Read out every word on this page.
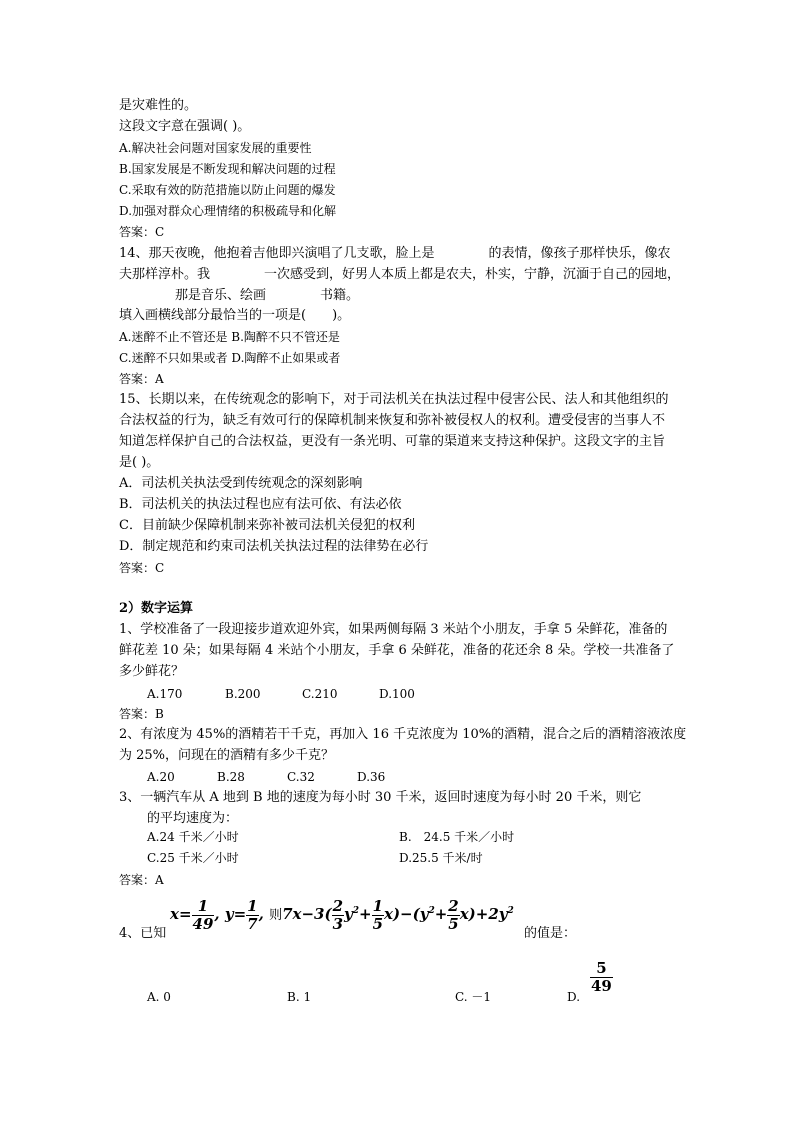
是灾难性的。
这段文字意在强调( )。
A.解决社会问题对国家发展的重要性
B.国家发展是不断发现和解决问题的过程
C.采取有效的防范措施以防止问题的爆发
D.加强对群众心理情绪的积极疏导和化解
答案：C
14、那天夜晚，他抱着吉他即兴演唱了几支歌，脸上是	的表情，像孩子那样快乐，像农
夫那样淳朴。我	一次感受到，好男人本质上都是农夫，朴实，宁静，沉湎于自己的园地，
那是音乐、绘画	书籍。
填入画横线部分最恰当的一项是(　　)。
A.迷醉不止不管还是 B.陶醉不只不管还是
C.迷醉不只如果或者 D.陶醉不止如果或者
答案：A
15、长期以来，在传统观念的影响下，对于司法机关在执法过程中侵害公民、法人和其他组织的
合法权益的行为，缺乏有效可行的保障机制来恢复和弥补被侵权人的权利。遭受侵害的当事人不
知道怎样保护自己的合法权益，更没有一条光明、可靠的渠道来支持这种保护。这段文字的主旨
是( )。
A．司法机关执法受到传统观念的深刻影响
B．司法机关的执法过程也应有法可依、有法必依
C．目前缺少保障机制来弥补被司法机关侵犯的权利
D．制定规范和约束司法机关执法过程的法律势在必行
答案：C
2）数字运算
1、学校准备了一段迎接步道欢迎外宾，如果两侧每隔 3 米站个小朋友，手拿 5 朵鲜花，准备的
鲜花差 10 朵；如果每隔 4 米站个小朋友，手拿 6 朵鲜花，准备的花还余 8 朵。学校一共准备了
多少鲜花？
A.170	B.200	C.210	D.100
答案：B
2、有浓度为 45%的酒精若干千克，再加入 16 千克浓度为 10%的酒精，混合之后的酒精溶液浓度
为 25%，问现在的酒精有多少千克？
A.20	B.28	C.32	D.36
3、一辆汽车从 A 地到 B 地的速度为每小时 30 千米，返回时速度为每小时 20 千米，则它
的平均速度为：
A.24 千米／小时	B.　24.5 千米／小时
C.25 千米／小时	D.25.5 千米/时
答案：A
4、已知
$x= \frac{1}{49}$ , $y= \frac{1}{7}$ , 则$7x-3( \frac{2}{3} y^2+ \frac{1}{5} x)-(y^2+ \frac{2}{5} x)+2y^2$
的值是：
A. 0	B. 1	C. －1	D.
$\frac{5}{49}$
